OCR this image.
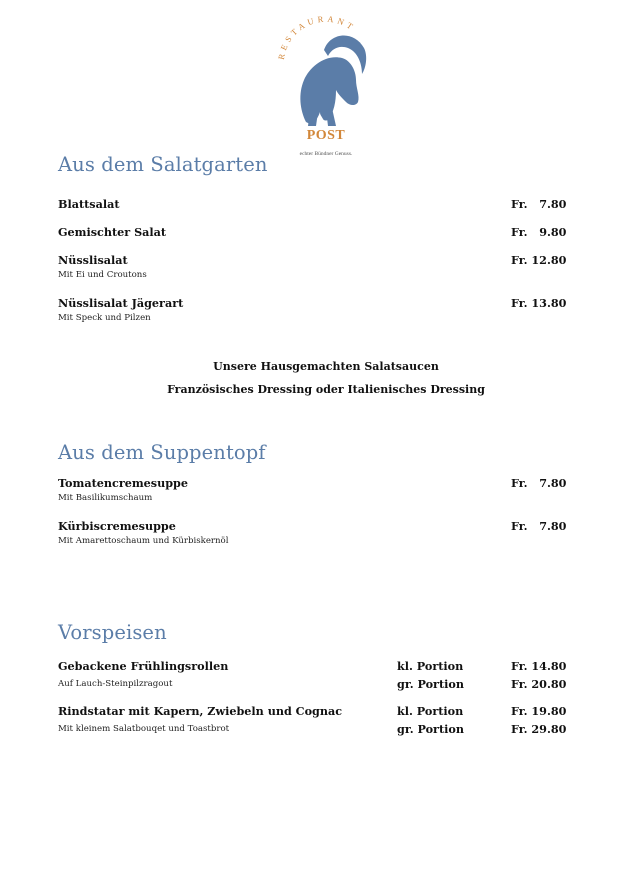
RESTAURANT
POST
echter Bündner Genuss.
Aus dem Salatgarten

Blattsalat	Fr.   7.80

Gemischter Salat	Fr.   9.80

Nüsslisalat	Fr. 12.80

Mit Ei und Croutons

Nüsslisalat Jägerart	Fr. 13.80

Mit Speck und Pilzen

Unsere Hausgemachten Salatsaucen

Französisches Dressing oder Italienisches Dressing

Aus dem Suppentopf

Tomatencremesuppe	Fr.   7.80

Mit Basilikumschaum

Kürbiscremesuppe	Fr.   7.80

Mit Amarettoschaum und Kürbiskernöl

Vorspeisen

Gebackene Frühlingsrollen	kl. Portion	Fr. 14.80

Auf Lauch-Steinpilzragout	gr. Portion	Fr. 20.80

Rindstatar mit Kapern, Zwiebeln und Cognac	kl. Portion	Fr. 19.80

Mit kleinem Salatbouqet und Toastbrot	gr. Portion	Fr. 29.80
